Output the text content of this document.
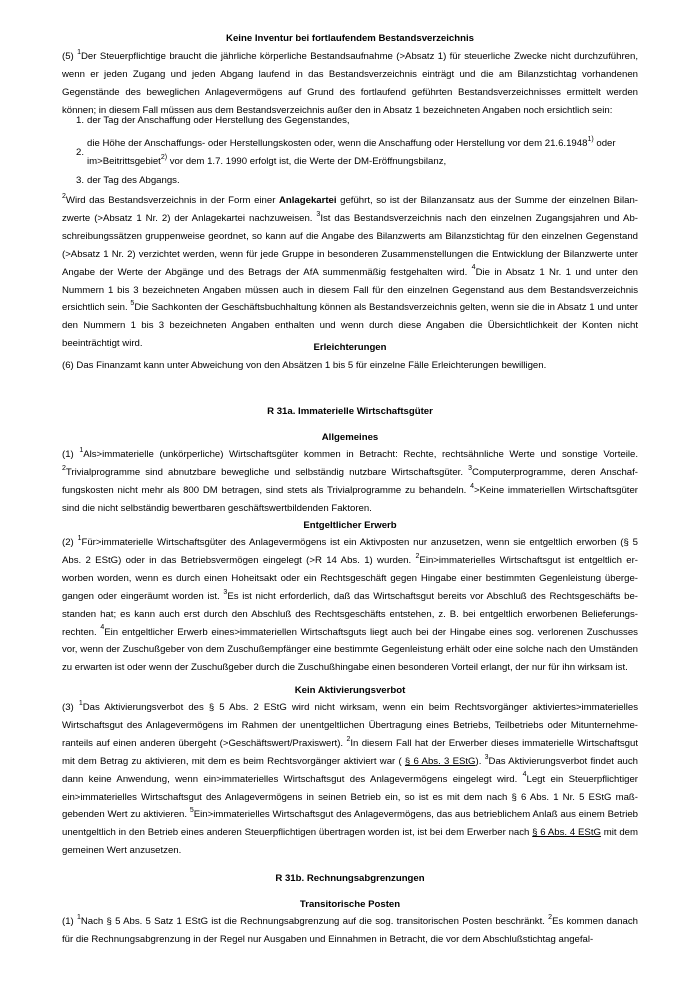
Keine Inventur bei fortlaufendem Bestandsverzeichnis
(5) $^1$Der Steuerpflichtige braucht die jährliche körperliche Bestandsaufnahme (>Absatz 1) für steuerliche Zwecke nicht durchzuführen, wenn er jeden Zugang und jeden Abgang laufend in das Bestandsverzeichnis einträgt und die am Bilanzstichtag vorhandenen Gegenstände des beweglichen Anlagevermögens auf Grund des fortlaufend geführten Bestandsverzeichnisses ermittelt werden können; in diesem Fall müssen aus dem Bestandsverzeichnis außer den in Absatz 1 bezeichneten Angaben noch ersichtlich sein:
1. der Tag der Anschaffung oder Herstellung des Gegenstandes,
2.
die Höhe der Anschaffungs- oder Herstellungskosten oder, wenn die Anschaffung oder Herstellung vor dem 21.6.1948$^{1)}$ oder
im>Beitrittsgebiet$^{2)}$ vor dem 1.7. 1990 erfolgt ist, die Werte der DM-Eröffnungsbilanz,
3. der Tag des Abgangs.
$^2$Wird das Bestandsverzeichnis in der Form einer Anlagekartei geführt, so ist der Bilanzansatz aus der Summe der einzelnen Bilanzwerte (>Absatz 1 Nr. 2) der Anlagekartei nachzuweisen. $^3$Ist das Bestandsverzeichnis nach den einzelnen Zugangsjahren und Abschreibungssätzen gruppenweise geordnet, so kann auf die Angabe des Bilanzwerts am Bilanzstichtag für den einzelnen Gegenstand (>Absatz 1 Nr. 2) verzichtet werden, wenn für jede Gruppe in besonderen Zusammenstellungen die Entwicklung der Bilanzwerte unter Angabe der Werte der Abgänge und des Betrags der AfA summenmäßig festgehalten wird. $^4$Die in Absatz 1 Nr. 1 und unter den Nummern 1 bis 3 bezeichneten Angaben müssen auch in diesem Fall für den einzelnen Gegenstand aus dem Bestandsverzeichnis ersichtlich sein. $^5$Die Sachkonten der Geschäftsbuchhaltung können als Bestandsverzeichnis gelten, wenn sie die in Absatz 1 und unter den Nummern 1 bis 3 bezeichneten Angaben enthalten und wenn durch diese Angaben die Übersichtlichkeit der Konten nicht beeinträchtigt wird.	Erleichterungen
(6) Das Finanzamt kann unter Abweichung von den Absätzen 1 bis 5 für einzelne Fälle Erleichterungen bewilligen.
R 31a. Immaterielle Wirtschaftsgüter
Allgemeines
(1) $^1$Als>immaterielle (unkörperliche) Wirtschaftsgüter kommen in Betracht: Rechte, rechtsähnliche Werte und sonstige Vorteile. $^2$Trivialprogramme sind abnutzbare bewegliche und selbständig nutzbare Wirtschaftsgüter. $^3$Computerprogramme, deren Anschaffungskosten nicht mehr als 800 DM betragen, sind stets als Trivialprogramme zu behandeln. $^4$>Keine immateriellen Wirtschaftsgüter sind die nicht selbständig bewertbaren geschäftswertbildenden Faktoren.
Entgeltlicher Erwerb
(2) $^1$Für>immaterielle Wirtschaftsgüter des Anlagevermögens ist ein Aktivposten nur anzusetzen, wenn sie entgeltlich erworben (§ 5 Abs. 2 EStG) oder in das Betriebsvermögen eingelegt (>R 14 Abs. 1) wurden. $^2$Ein>immaterielles Wirtschaftsgut ist entgeltlich erworben worden, wenn es durch einen Hoheitsakt oder ein Rechtsgeschäft gegen Hingabe einer bestimmten Gegenleistung übergegangen oder eingeräumt worden ist. $^3$Es ist nicht erforderlich, daß das Wirtschaftsgut bereits vor Abschluß des Rechtsgeschäfts bestanden hat; es kann auch erst durch den Abschluß des Rechtsgeschäfts entstehen, z. B. bei entgeltlich erworbenen Belieferungsrechten. $^4$Ein entgeltlicher Erwerb eines>immateriellen Wirtschaftsguts liegt auch bei der Hingabe eines sog. verlorenen Zuschusses vor, wenn der Zuschußgeber von dem Zuschußempfänger eine bestimmte Gegenleistung erhält oder eine solche nach den Umständen zu erwarten ist oder wenn der Zuschußgeber durch die Zuschußhingabe einen besonderen Vorteil erlangt, der nur für ihn wirksam ist.
Kein Aktivierungsverbot
(3) $^1$Das Aktivierungsverbot des § 5 Abs. 2 EStG wird nicht wirksam, wenn ein beim Rechtsvorgänger aktiviertes>immaterielles Wirtschaftsgut des Anlagevermögens im Rahmen der unentgeltlichen Übertragung eines Betriebs, Teilbetriebs oder Mitunternehmeranteils auf einen anderen übergeht (>Geschäftswert/Praxiswert). $^2$In diesem Fall hat der Erwerber dieses immaterielle Wirtschaftsgut mit dem Betrag zu aktivieren, mit dem es beim Rechtsvorgänger aktiviert war ( § 6 Abs. 3 EStG). $^3$Das Aktivierungsverbot findet auch dann keine Anwendung, wenn ein>immaterielles Wirtschaftsgut des Anlagevermögens eingelegt wird. $^4$Legt ein Steuerpflichtiger ein>immaterielles Wirtschaftsgut des Anlagevermögens in seinen Betrieb ein, so ist es mit dem nach § 6 Abs. 1 Nr. 5 EStG maßgebenden Wert zu aktivieren. $^5$Ein>immaterielles Wirtschaftsgut des Anlagevermögens, das aus betrieblichem Anlaß aus einem Betrieb unentgeltlich in den Betrieb eines anderen Steuerpflichtigen übertragen worden ist, ist bei dem Erwerber nach § 6 Abs. 4 EStG mit dem gemeinen Wert anzusetzen.
R 31b. Rechnungsabgrenzungen
Transitorische Posten
(1) $^1$Nach § 5 Abs. 5 Satz 1 EStG ist die Rechnungsabgrenzung auf die sog. transitorischen Posten beschränkt. $^2$Es kommen danach für die Rechnungsabgrenzung in der Regel nur Ausgaben und Einnahmen in Betracht, die vor dem Abschlußstichtag angefal-
